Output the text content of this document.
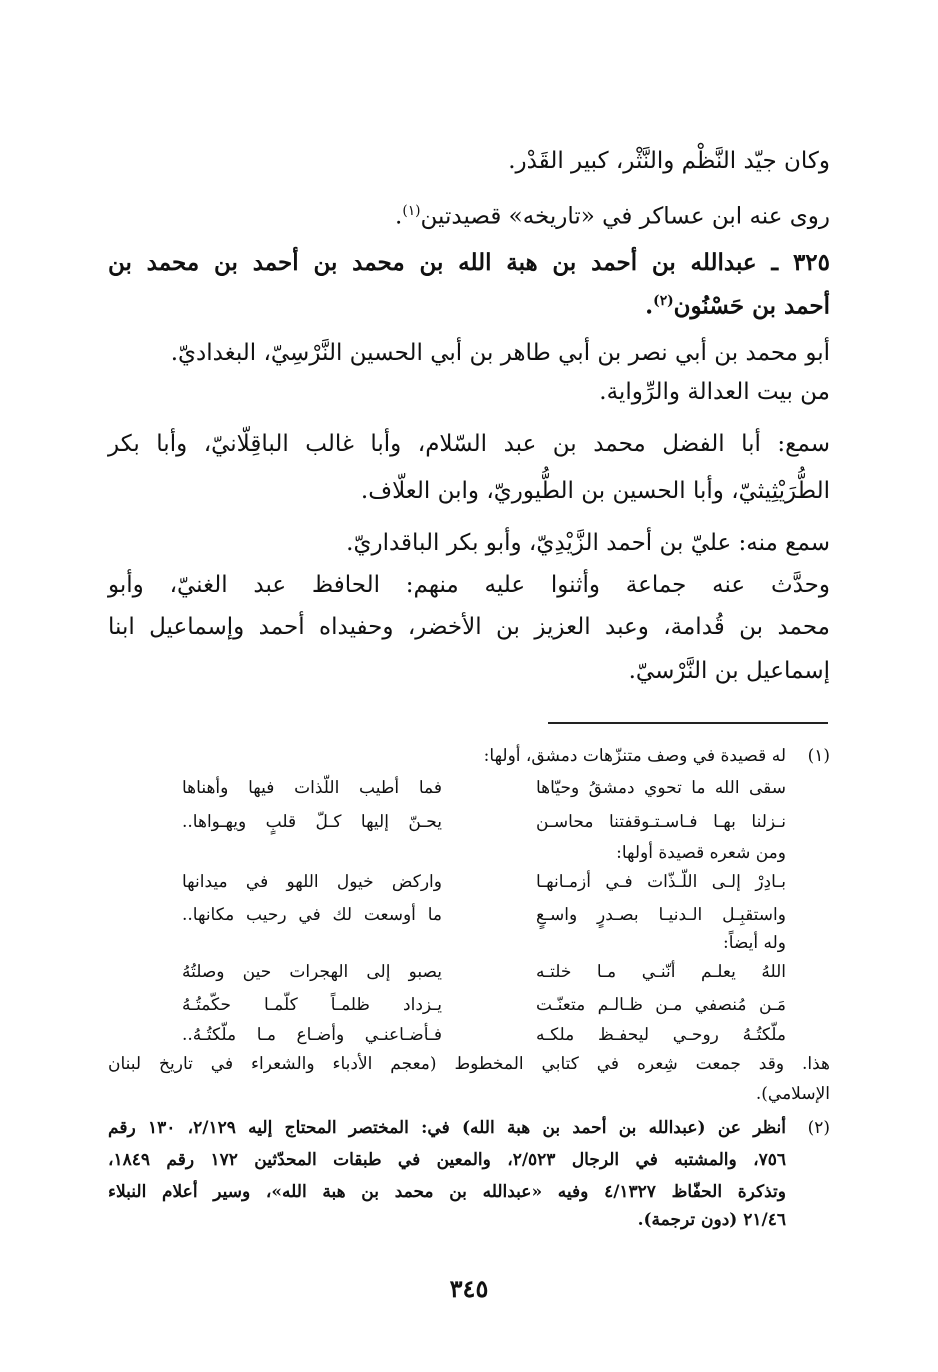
وكان جيّد النَّظْم والنَّثْر، كبير القَدْر.
روى عنه ابن عساكر في «تاريخه» قصيدتين$^{(١)}$.
٣٢٥ ـ عبدالله بن أحمد بن هبة الله بن محمد بن أحمد بن محمد بن
أحمد بن حَسْنُون$^{(٢)}$.
أبو محمد بن أبي نصر بن أبي طاهر بن أبي الحسين النَّرْسِيّ، البغداديّ.
من بيت العدالة والرِّواية.
سمع: أبا الفضل محمد بن عبد السّلام، وأبا غالب الباقِلّانيّ، وأبا بكر
الطُّرَيْثِيثيّ، وأبا الحسين بن الطُّيوريّ، وابن العلّاف.
سمع منه: عليّ بن أحمد الزَّيْدِيّ، وأبو بكر الباقداريّ.
وحدَّث عنه جماعة وأثنوا عليه منهم: الحافظ عبد الغنيّ، وأبو
محمد بن قُدامة، وعبد العزيز بن الأخضر، وحفيداه أحمد وإسماعيل ابنا
إسماعيل بن النَّرْسيّ.
(١)
له قصيدة في وصف متنزّهات دمشق، أولها:
سقى الله ما تحوي دمشقُ وحيّاها
فما أطيب اللّذات فيها وأهناها
نـزلنا بهـا فـاسـتـوقفتنا محاسـن
يحـنّ إليها كـلّ قلبٍ ويهـواها..
ومن شعره قصيدة أولها:
بـادِرْ إلـى اللّـذّات فـي أزمـانهـا
واركض خيول اللهو في ميدانها
واستقبِـل الـدنيـا بصـدرٍ واسـعٍ
ما أوسعت لك في رحيب مكانها..
وله أيضاً:
اللهُ يعلـم أنّنـي مـا خلتـه
يصبو إلى الهجرات حين وصلتُهُ
مَـن مُنصفي مـن ظـالـم متعنّـت
يـزداد ظلمـاً كلّمـا حكّمتُـهُ
ملّكتُـهُ روحـي ليحفـظ ملكـه
فـأضـاعنـي وأضـاع مـا ملّكتُـهُ..
هذا. وقد جمعت شِعره في كتابي المخطوط (معجم الأدباء والشعراء في تاريخ لبنان
الإسلامي).
(٢)
أنظر عن (عبدالله بن أحمد بن هبة الله) في: المختصر المحتاج إليه ٢/١٢٩، ١٣٠ رقم
٧٥٦، والمشتبه في الرجال ٢/٥٢٣، والمعين في طبقات المحدّثين ١٧٢ رقم ١٨٤٩،
وتذكرة الحفّاظ ٤/١٣٢٧ وفيه «عبدالله بن محمد بن هبة الله»، وسير أعلام النبلاء
٢١/٤٦ (دون ترجمة).
٣٤٥
